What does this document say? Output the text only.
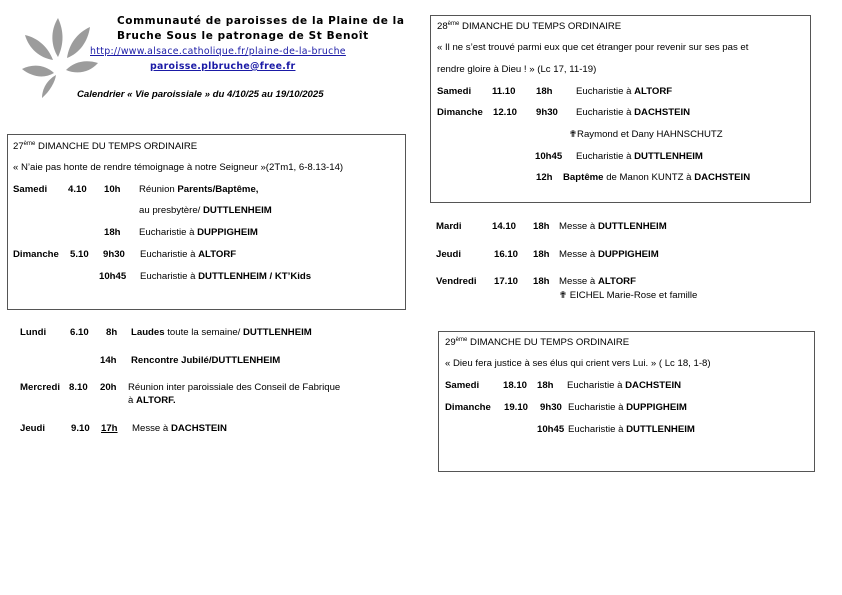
Communauté de paroisses de la Plaine de la
Bruche Sous le patronage de St Benoît
http://www.alsace.catholique.fr/plaine-de-la-bruche
paroisse.plbruche@free.fr
Calendrier « Vie paroissiale » du 4/10/25 au 19/10/2025
27ème DIMANCHE DU TEMPS ORDINAIRE
« N’aie pas honte de rendre témoignage à notre Seigneur »(2Tm1, 6-8.13-14)
Samedi 4.10 10h Réunion Parents/Baptême,
au presbytère/ DUTTLENHEIM
18h Eucharistie à DUPPIGHEIM
Dimanche 5.10 9h30 Eucharistie à ALTORF
10h45 Eucharistie à DUTTLENHEIM / KT’Kids
Lundi 6.10 8h Laudes toute la semaine/ DUTTLENHEIM
14h Rencontre Jubilé/DUTTLENHEIM
Mercredi 8.10 20h Réunion inter paroissiale des Conseil de Fabrique
à ALTORF.
Jeudi	9.10 17h Messe à DACHSTEIN
28ème DIMANCHE DU TEMPS ORDINAIRE
« Il ne s’est trouvé parmi eux que cet étranger pour revenir sur ses pas et
rendre gloire à Dieu ! » (Lc 17, 11-19)
Samedi 11.10 18h Eucharistie à ALTORF
Dimanche 12.10 9h30 Eucharistie à DACHSTEIN
✟Raymond et Dany HAHNSCHUTZ
10h45 Eucharistie à DUTTLENHEIM
12h Baptême de Manon KUNTZ à DACHSTEIN
Mardi	14.10 18h Messe à DUTTLENHEIM
Jeudi	16.10 18h Messe à DUPPIGHEIM
Vendredi 17.10 18h Messe à ALTORF
✟ EICHEL Marie-Rose et famille
29ème DIMANCHE DU TEMPS ORDINAIRE
« Dieu fera justice à ses élus qui crient vers Lui. » ( Lc 18, 1-8)
Samedi 18.10 18h Eucharistie à DACHSTEIN
Dimanche 19.10 9h30 Eucharistie à DUPPIGHEIM
10h45 Eucharistie à DUTTLENHEIM
